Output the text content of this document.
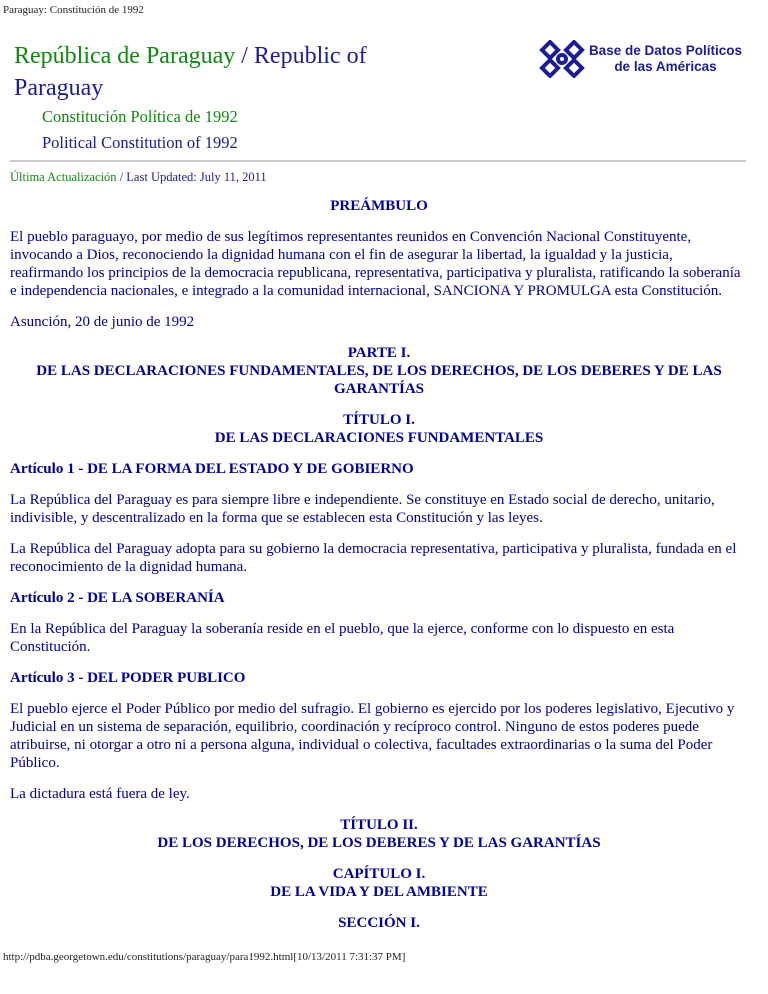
Paraguay: Constitución de 1992
República de Paraguay / Republic of Paraguay
Constitución Política de 1992
Political Constitution of 1992
Base de Datos Políticos
de las Américas
Última Actualización / Last Updated: July 11, 2011

PREÁMBULO

El pueblo paraguayo, por medio de sus legítimos representantes reunidos en Convención Nacional Constituyente, invocando a Dios, reconociendo la dignidad humana con el fin de asegurar la libertad, la igualdad y la justicia, reafirmando los principios de la democracia republicana, representativa, participativa y pluralista, ratificando la soberanía e independencia nacionales, e integrado a la comunidad internacional, SANCIONA Y PROMULGA esta Constitución.

Asunción, 20 de junio de 1992

PARTE I.
DE LAS DECLARACIONES FUNDAMENTALES, DE LOS DERECHOS, DE LOS DEBERES Y DE LAS GARANTÍAS

TÍTULO I.
DE LAS DECLARACIONES FUNDAMENTALES

Artículo 1 - DE LA FORMA DEL ESTADO Y DE GOBIERNO

La República del Paraguay es para siempre libre e independiente. Se constituye en Estado social de derecho, unitario, indivisible, y descentralizado en la forma que se establecen esta Constitución y las leyes.

La República del Paraguay adopta para su gobierno la democracia representativa, participativa y pluralista, fundada en el reconocimiento de la dignidad humana.

Artículo 2 - DE LA SOBERANÍA

En la República del Paraguay la soberanía reside en el pueblo, que la ejerce, conforme con lo dispuesto en esta Constitución.

Artículo 3 - DEL PODER PUBLICO

El pueblo ejerce el Poder Público por medio del sufragio. El gobierno es ejercido por los poderes legislativo, Ejecutivo y Judicial en un sistema de separación, equilibrio, coordinación y recíproco control. Ninguno de estos poderes puede atribuirse, ni otorgar a otro ni a persona alguna, individual o colectiva, facultades extraordinarias o la suma del Poder Público.

La dictadura está fuera de ley.

TÍTULO II.
DE LOS DERECHOS, DE LOS DEBERES Y DE LAS GARANTÍAS

CAPÍTULO I.
DE LA VIDA Y DEL AMBIENTE

SECCIÓN I.

http://pdba.georgetown.edu/constitutions/paraguay/para1992.html[10/13/2011 7:31:37 PM]
